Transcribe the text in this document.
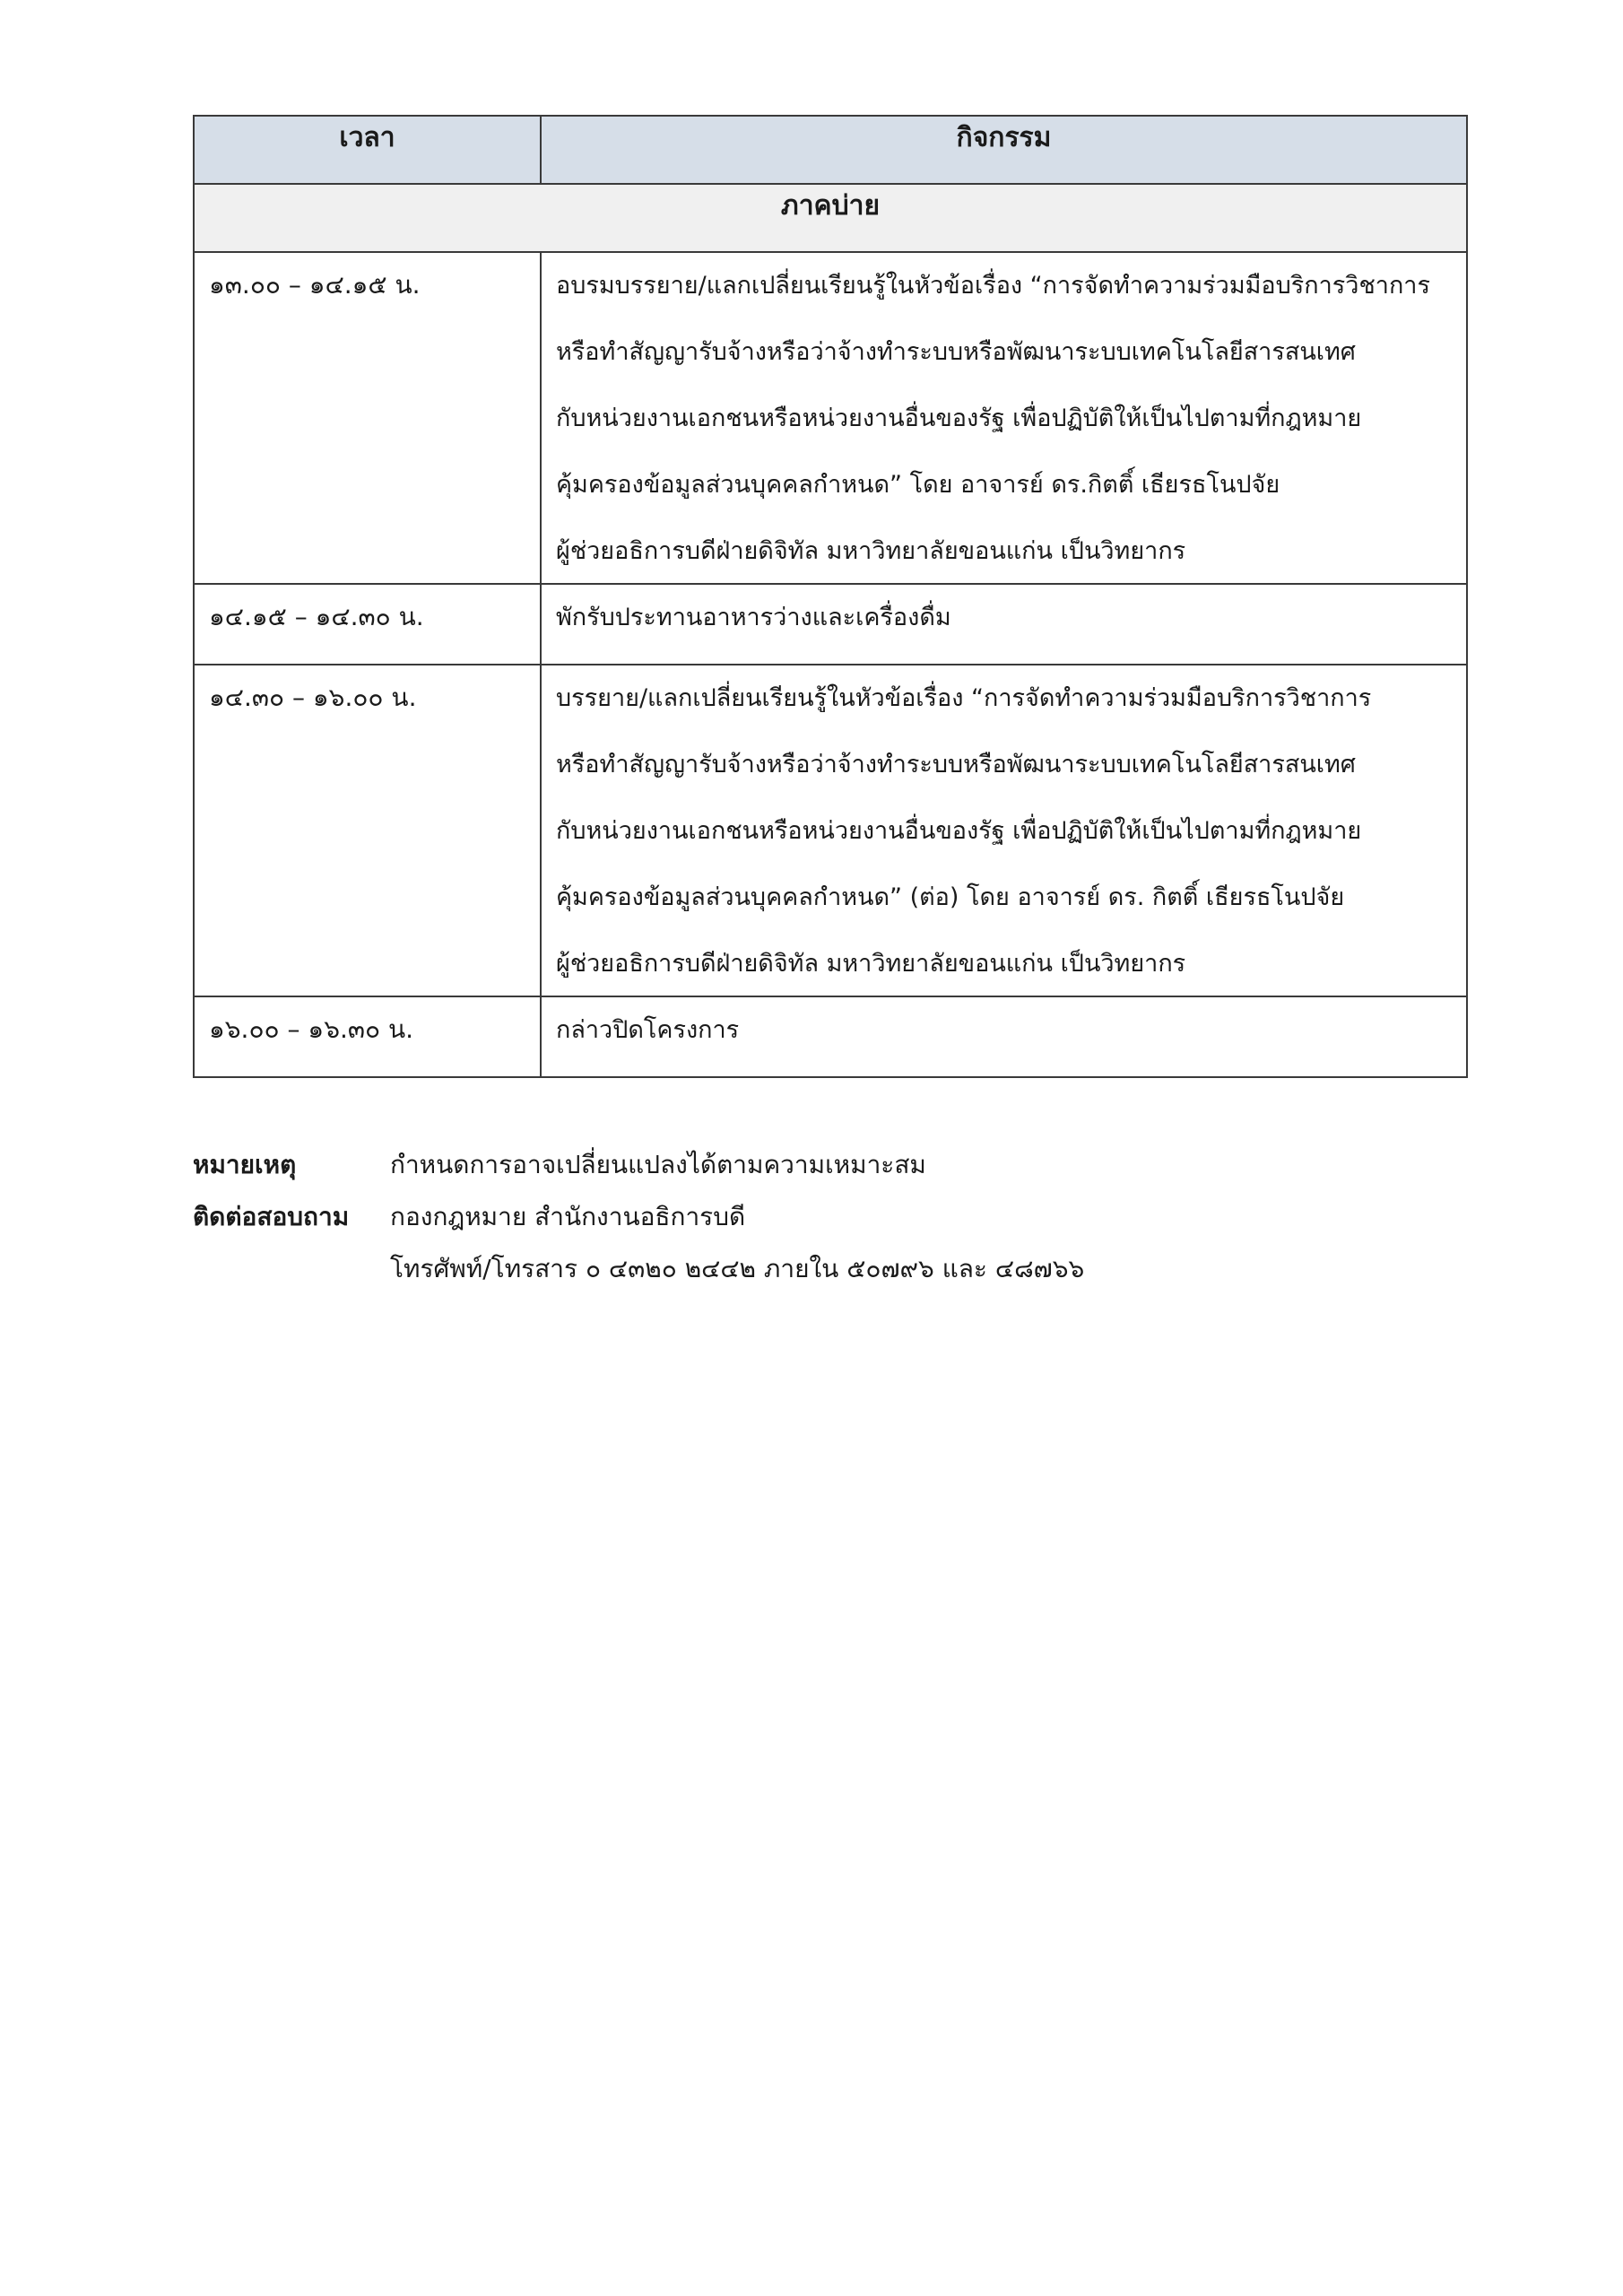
เวลา	กิจกรรม
ภาคบ่าย	
๑๓.๐๐ – ๑๔.๑๕ น.	อบรมบรรยาย/แลกเปลี่ยนเรียนรู้ในหัวข้อเรื่อง “การจัดทำความร่วมมือบริการวิชาการ
หรือทำสัญญารับจ้างหรือว่าจ้างทำระบบหรือพัฒนาระบบเทคโนโลยีสารสนเทศ
กับหน่วยงานเอกชนหรือหน่วยงานอื่นของรัฐ เพื่อปฏิบัติให้เป็นไปตามที่กฎหมาย
คุ้มครองข้อมูลส่วนบุคคลกำหนด” โดย อาจารย์ ดร.กิตติ์ เธียรธโนปจัย
ผู้ช่วยอธิการบดีฝ่ายดิจิทัล มหาวิทยาลัยขอนแก่น เป็นวิทยากร

๑๔.๑๕ – ๑๔.๓๐ น.	พักรับประทานอาหารว่างและเครื่องดื่ม

๑๔.๓๐ – ๑๖.๐๐ น.	บรรยาย/แลกเปลี่ยนเรียนรู้ในหัวข้อเรื่อง “การจัดทำความร่วมมือบริการวิชาการ
หรือทำสัญญารับจ้างหรือว่าจ้างทำระบบหรือพัฒนาระบบเทคโนโลยีสารสนเทศ
กับหน่วยงานเอกชนหรือหน่วยงานอื่นของรัฐ เพื่อปฏิบัติให้เป็นไปตามที่กฎหมาย
คุ้มครองข้อมูลส่วนบุคคลกำหนด” (ต่อ) โดย อาจารย์ ดร. กิตติ์ เธียรธโนปจัย
ผู้ช่วยอธิการบดีฝ่ายดิจิทัล มหาวิทยาลัยขอนแก่น เป็นวิทยากร

๑๖.๐๐ – ๑๖.๓๐ น.	กล่าวปิดโครงการ
หมายเหตุ	กำหนดการอาจเปลี่ยนแปลงได้ตามความเหมาะสม
ติดต่อสอบถาม	กองกฎหมาย สำนักงานอธิการบดี
โทรศัพท์/โทรสาร ๐ ๔๓๒๐ ๒๔๔๒ ภายใน ๕๐๗๙๖ และ ๔๘๗๖๖
